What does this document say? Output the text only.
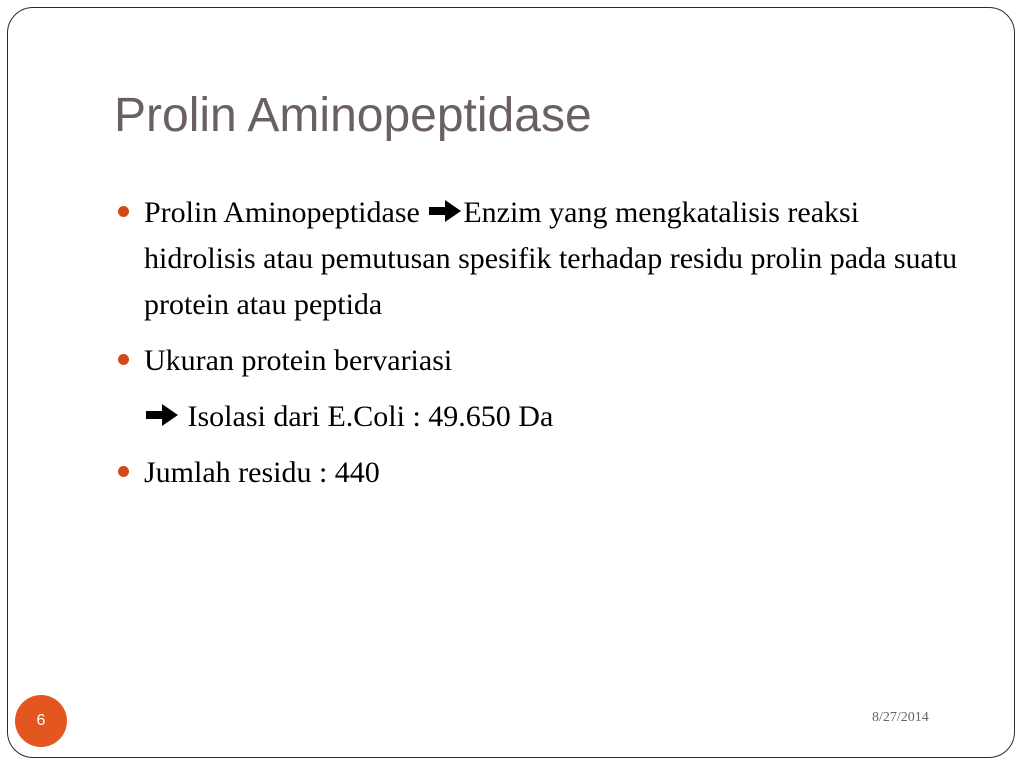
Prolin Aminopeptidase
Prolin Aminopeptidase Enzim yang mengkatalisis reaksi hidrolisis atau pemutusan spesifik terhadap residu prolin pada suatu protein atau peptida
Ukuran protein bervariasi
Isolasi dari E.Coli : 49.650 Da
Jumlah residu : 440
6	8/27/2014
